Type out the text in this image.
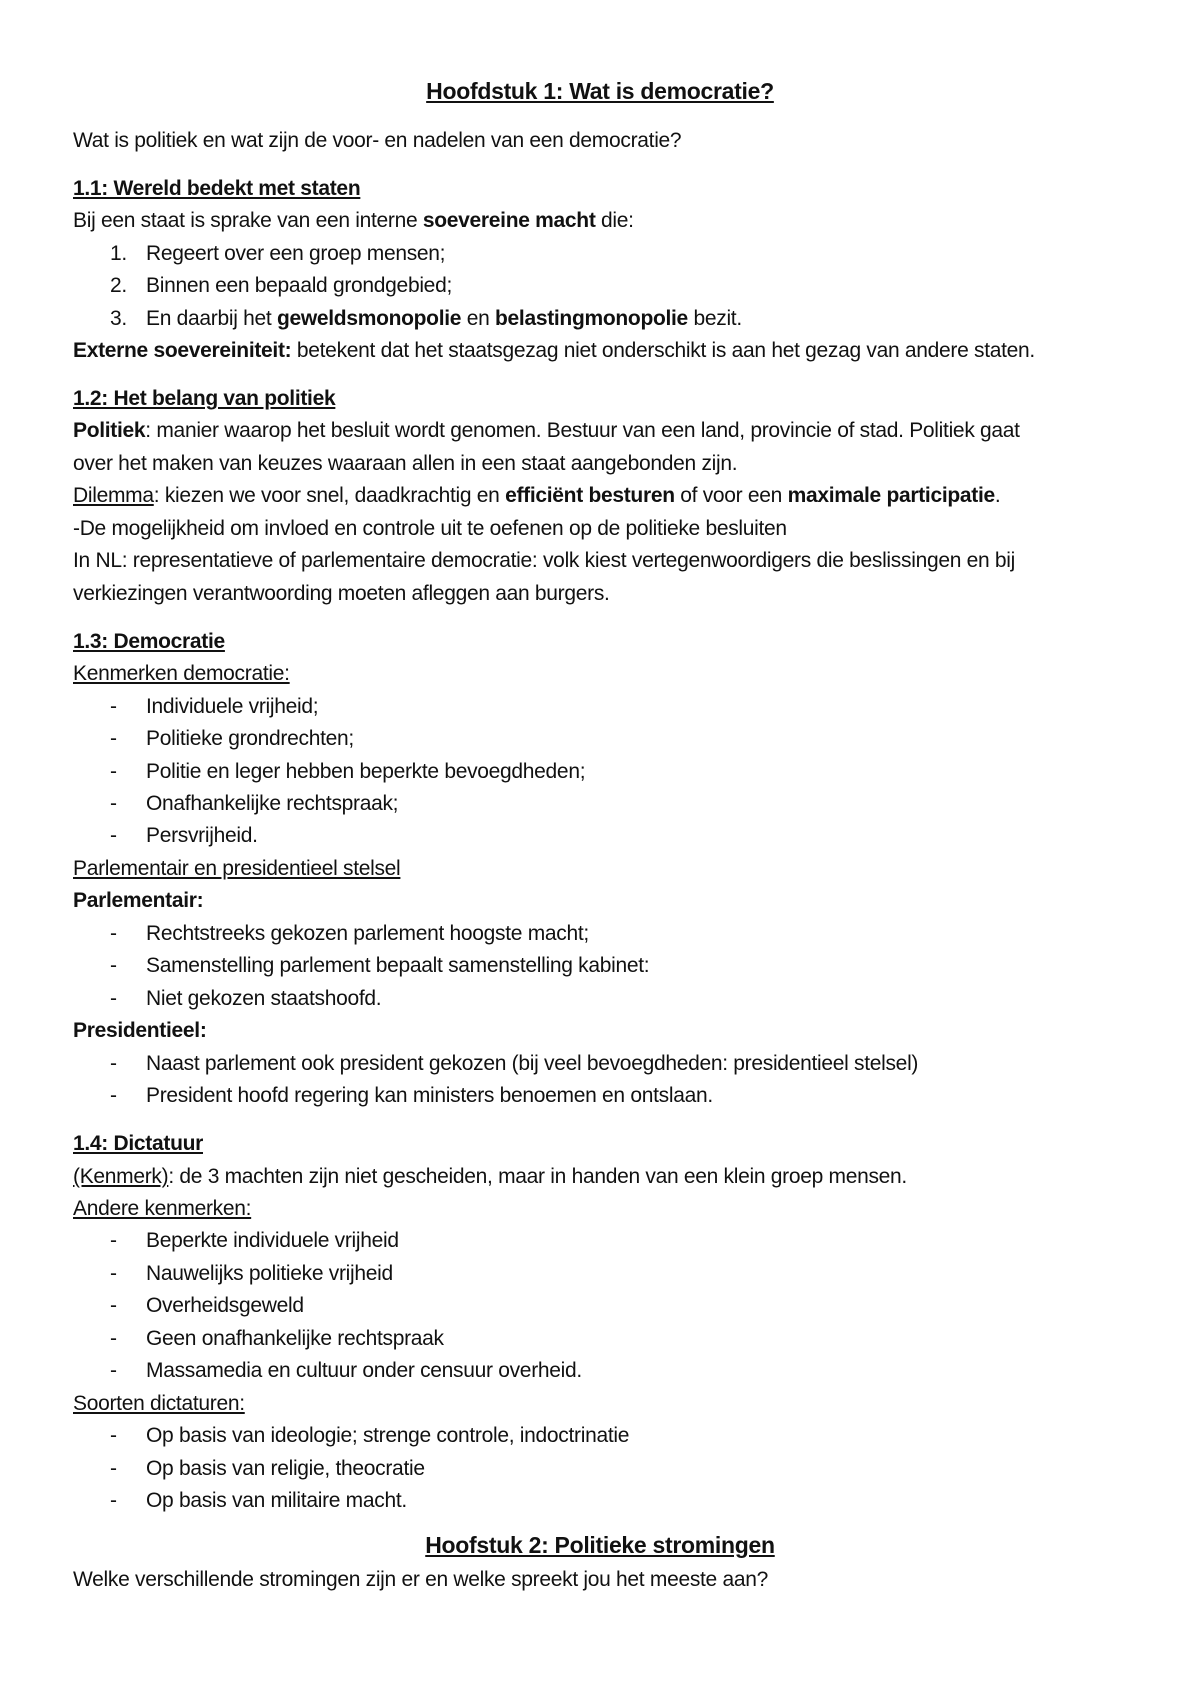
Hoofdstuk 1: Wat is democratie?
Wat is politiek en wat zijn de voor- en nadelen van een democratie?
1.1: Wereld bedekt met staten
Bij een staat is sprake van een interne soevereine macht die:
1. Regeert over een groep mensen;
2. Binnen een bepaald grondgebied;
3. En daarbij het geweldsmonopolie en belastingmonopolie bezit.
Externe soevereiniteit: betekent dat het staatsgezag niet onderschikt is aan het gezag van andere staten.
1.2: Het belang van politiek
Politiek: manier waarop het besluit wordt genomen. Bestuur van een land, provincie of stad. Politiek gaat
over het maken van keuzes waaraan allen in een staat aangebonden zijn.
Dilemma: kiezen we voor snel, daadkrachtig en efficiënt besturen of voor een maximale participatie.
-De mogelijkheid om invloed en controle uit te oefenen op de politieke besluiten
In NL: representatieve of parlementaire democratie: volk kiest vertegenwoordigers die beslissingen en bij
verkiezingen verantwoording moeten afleggen aan burgers.
1.3: Democratie
Kenmerken democratie:
- Individuele vrijheid;
- Politieke grondrechten;
- Politie en leger hebben beperkte bevoegdheden;
- Onafhankelijke rechtspraak;
- Persvrijheid.
Parlementair en presidentieel stelsel
Parlementair:
- Rechtstreeks gekozen parlement hoogste macht;
- Samenstelling parlement bepaalt samenstelling kabinet:
- Niet gekozen staatshoofd.
Presidentieel:
- Naast parlement ook president gekozen (bij veel bevoegdheden: presidentieel stelsel)
- President hoofd regering kan ministers benoemen en ontslaan.
1.4: Dictatuur
(Kenmerk): de 3 machten zijn niet gescheiden, maar in handen van een klein groep mensen.
Andere kenmerken:
- Beperkte individuele vrijheid
- Nauwelijks politieke vrijheid
- Overheidsgeweld
- Geen onafhankelijke rechtspraak
- Massamedia en cultuur onder censuur overheid.
Soorten dictaturen:
- Op basis van ideologie; strenge controle, indoctrinatie
- Op basis van religie, theocratie
- Op basis van militaire macht.
Hoofstuk 2: Politieke stromingen
Welke verschillende stromingen zijn er en welke spreekt jou het meeste aan?
